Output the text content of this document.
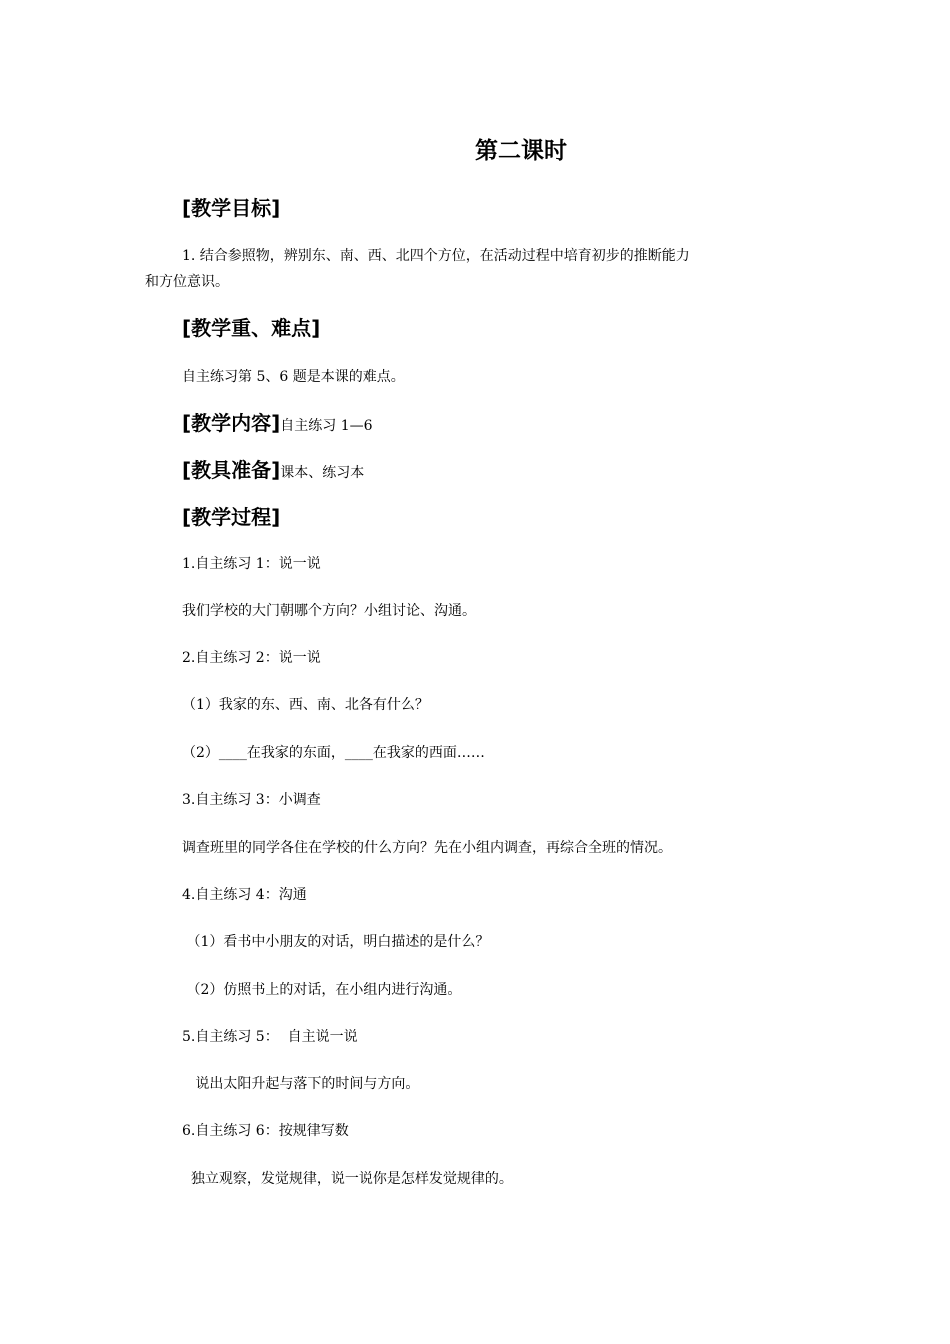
第二课时
[教学目标]
1. 结合参照物，辨别东、南、西、北四个方位，在活动过程中培育初步的推断能力
和方位意识。
[教学重、难点]
自主练习第 5、6 题是本课的难点。
[教学内容]自主练习 1—6
[教具准备]课本、练习本
[教学过程]
1.自主练习 1：说一说
我们学校的大门朝哪个方向？小组讨论、沟通。
2.自主练习 2：说一说
（1）我家的东、西、南、北各有什么？
（2）____在我家的东面，____在我家的西面……
3.自主练习 3：小调查
调查班里的同学各住在学校的什么方向？先在小组内调查，再综合全班的情况。
4.自主练习 4：沟通
（1）看书中小朋友的对话，明白描述的是什么？
（2）仿照书上的对话，在小组内进行沟通。
5.自主练习 5：  自主说一说
说出太阳升起与落下的时间与方向。
6.自主练习 6：按规律写数
独立观察，发觉规律，说一说你是怎样发觉规律的。
